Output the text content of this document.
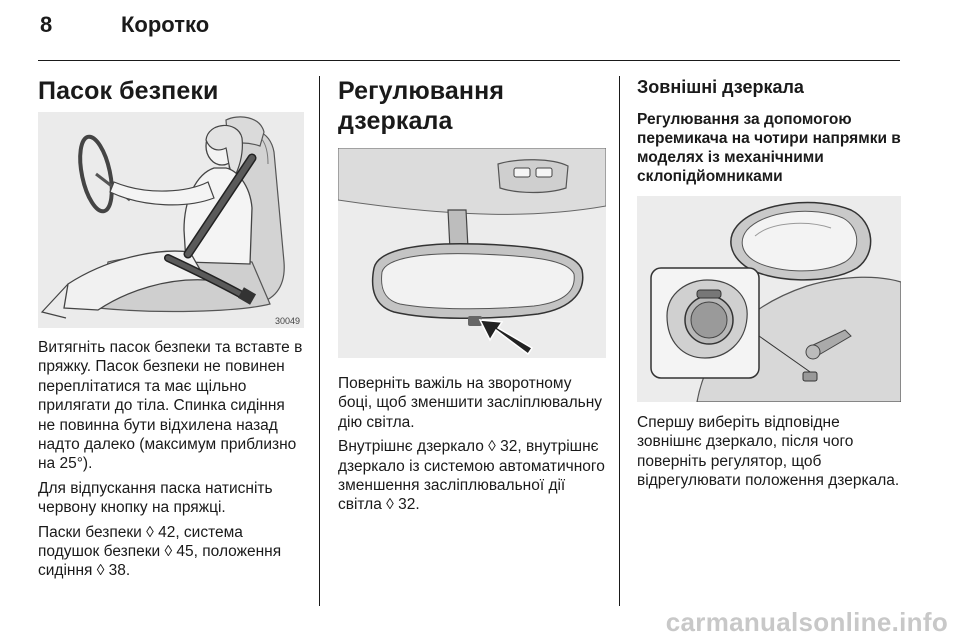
8	Коротко
Пасок безпеки
30049

Витягніть пасок безпеки та вставте в пряжку. Пасок безпеки не повинен переплітатися та має щільно прилягати до тіла. Спинка сидіння не повинна бути відхилена назад надто далеко (максимум приблизно на 25°).

Для відпускання паска натисніть червону кнопку на пряжці.

Паски безпеки ◊ 42, система подушок безпеки ◊ 45, положення сидіння ◊ 38.

Регулювання дзеркала

Поверніть важіль на зворотному боці, щоб зменшити засліплювальну дію світла.

Внутрішнє дзеркало ◊ 32, внутрішнє дзеркало із системою автоматичного зменшення засліплювальної дії світла ◊ 32.

Зовнішні дзеркала
Регулювання за допомогою перемикача на чотири напрямки в моделях із механічними склопідйомниками

Спершу виберіть відповідне зовнішнє дзеркало, після чого поверніть регулятор, щоб відрегулювати положення дзеркала.

carmanualsonline.info
